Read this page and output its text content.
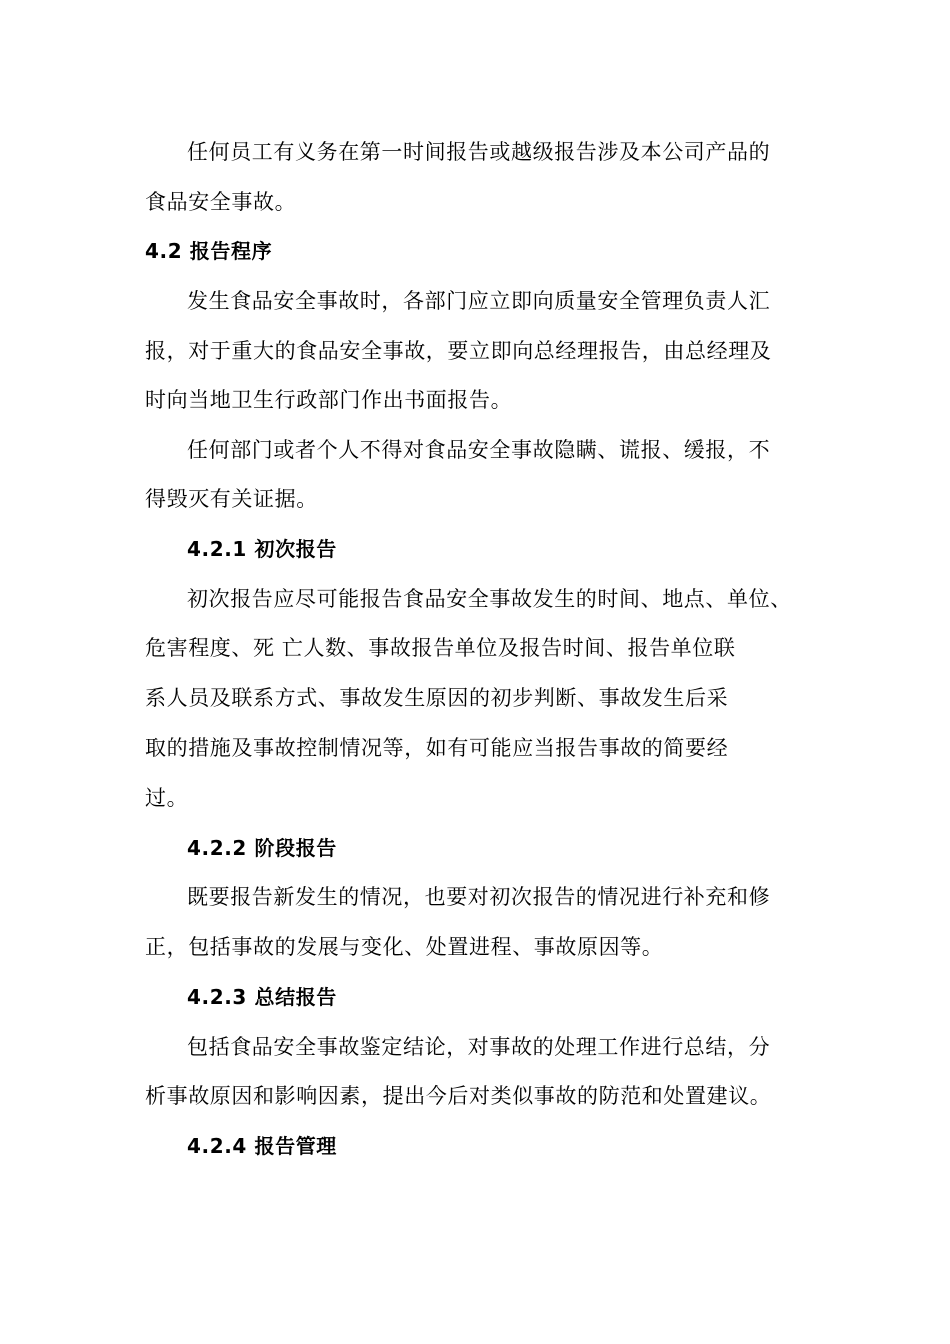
任何员工有义务在第一时间报告或越级报告涉及本公司产品的
食品安全事故。
4.2 报告程序
发生食品安全事故时，各部门应立即向质量安全管理负责人汇
报，对于重大的食品安全事故，要立即向总经理报告，由总经理及
时向当地卫生行政部门作出书面报告。
任何部门或者个人不得对食品安全事故隐瞒、谎报、缓报，不
得毁灭有关证据。
4.2.1 初次报告
初次报告应尽可能报告食品安全事故发生的时间、地点、单位、
危害程度、死 亡人数、事故报告单位及报告时间、报告单位联
系人员及联系方式、事故发生原因的初步判断、事故发生后采
取的措施及事故控制情况等，如有可能应当报告事故的简要经
过。
4.2.2 阶段报告
既要报告新发生的情况，也要对初次报告的情况进行补充和修
正，包括事故的发展与变化、处置进程、事故原因等。
4.2.3 总结报告
包括食品安全事故鉴定结论，对事故的处理工作进行总结，分
析事故原因和影响因素，提出今后对类似事故的防范和处置建议。
4.2.4 报告管理
